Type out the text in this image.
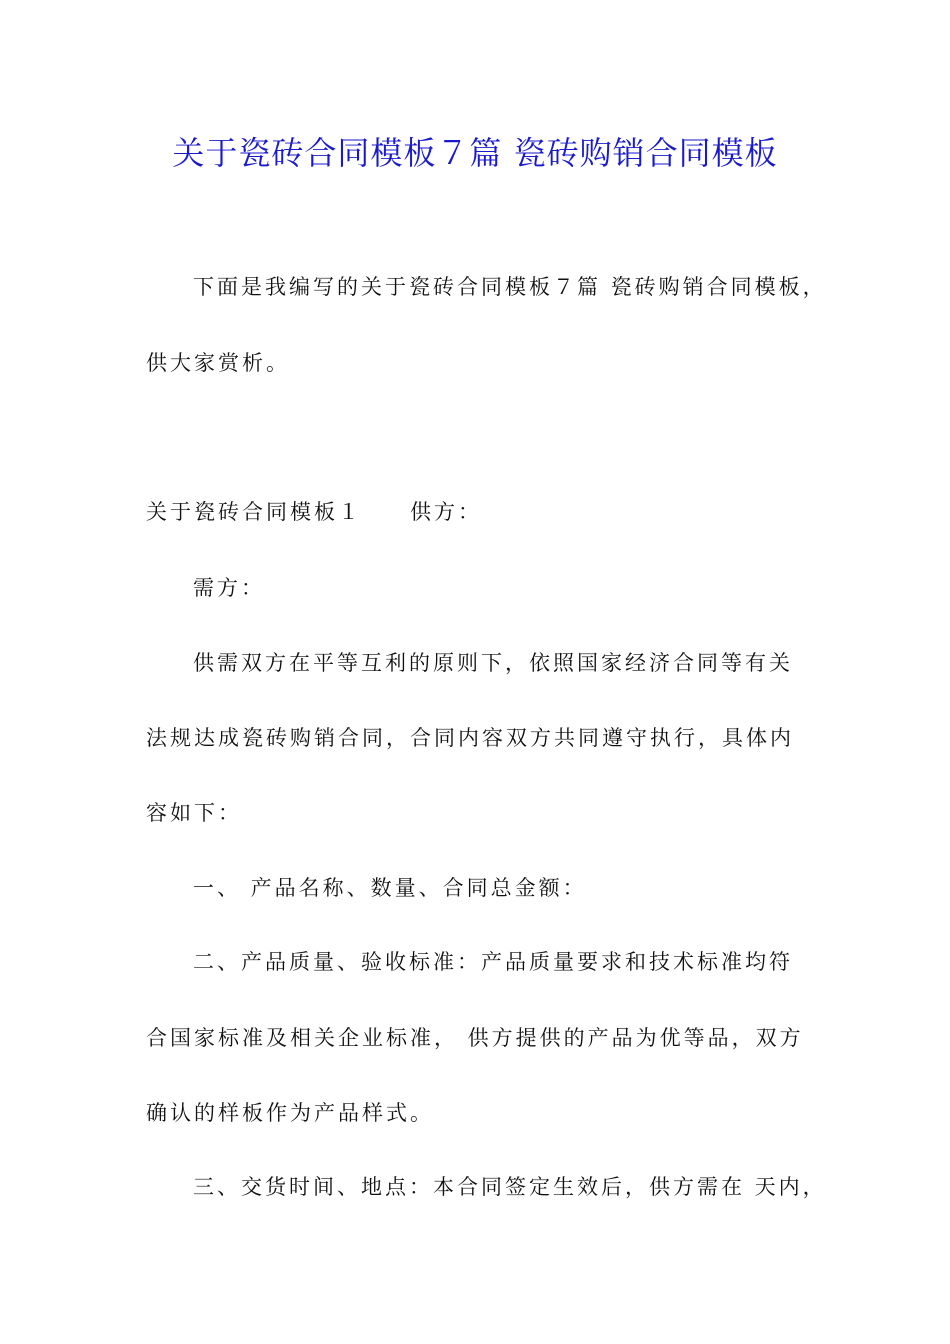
关于瓷砖合同模板７篇 瓷砖购销合同模板
下面是我编写的关于瓷砖合同模板７篇 瓷砖购销合同模板，
供大家赏析。
关于瓷砖合同模板１ 供方：
需方：
供需双方在平等互利的原则下，依照国家经济合同等有关
法规达成瓷砖购销合同，合同内容双方共同遵守执行，具体内
容如下：
一、 产品名称、数量、合同总金额：
二、产品质量、验收标准：产品质量要求和技术标准均符
合国家标准及相关企业标准， 供方提供的产品为优等品，双方
确认的样板作为产品样式。
三、交货时间、地点：本合同签定生效后，供方需在 天内，
